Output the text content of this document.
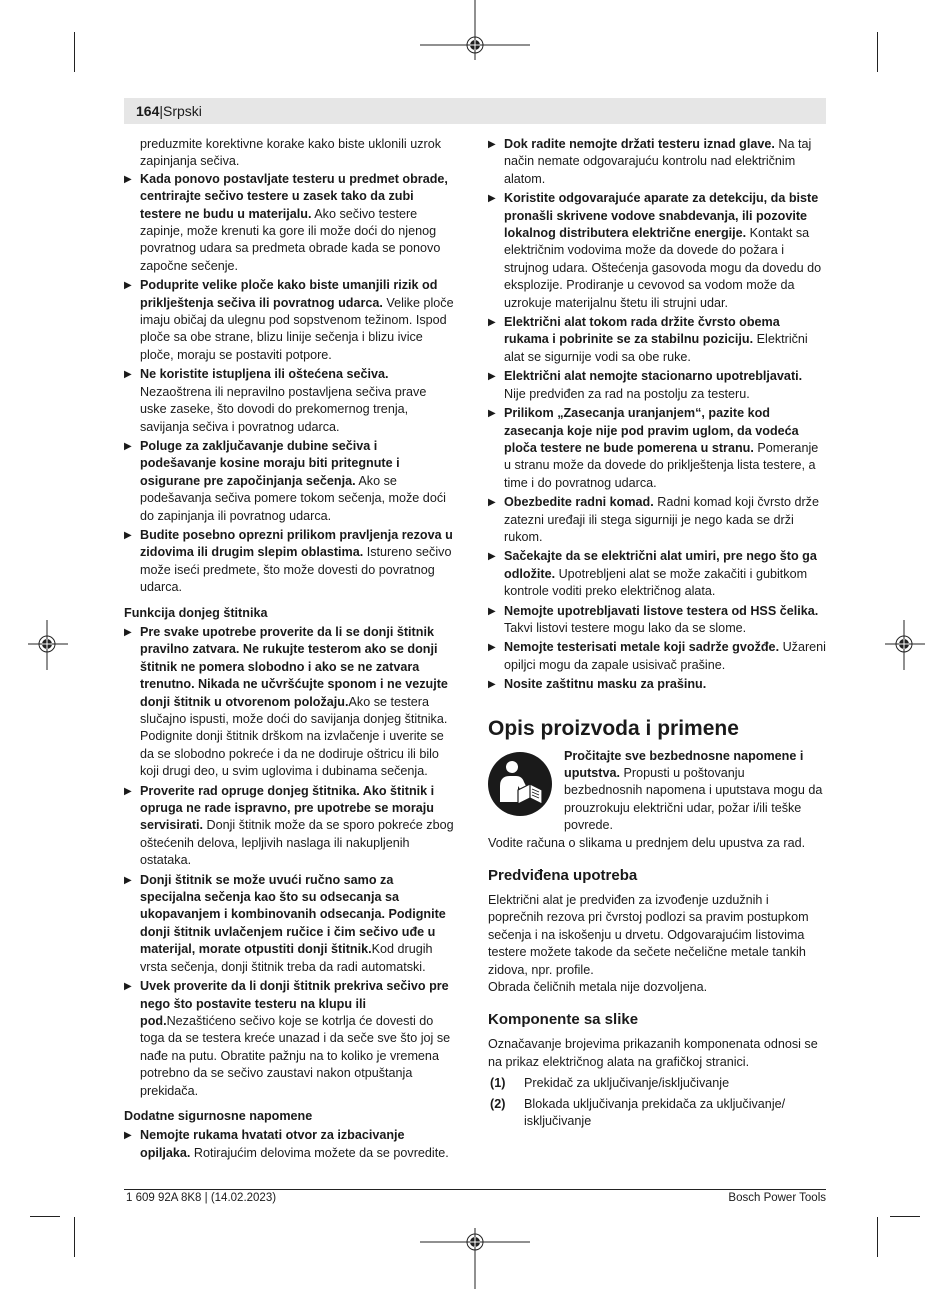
164|Srpski

preduzmite korektivne korake kako biste uklonili uzrok zapinjanja sečiva.

▶ Kada ponovo postavljate testeru u predmet obrade, centrirajte sečivo testere u zasek tako da zubi testere ne budu u materijalu. Ako sečivo testere zapinje, može krenuti ka gore ili može doći do njenog povratnog udara sa predmeta obrade kada se ponovo započne sečenje.
▶ Poduprite velike ploče kako biste umanjili rizik od priklještenja sečiva ili povratnog udarca. Velike ploče imaju običaj da ulegnu pod sopstvenom težinom. Ispod ploče sa obe strane, blizu linije sečenja i blizu ivice ploče, moraju se postaviti potpore.
▶ Ne koristite istupljena ili oštećena sečiva. Nezaoštrena ili nepravilno postavljena sečiva prave uske zaseke, što dovodi do prekomernog trenja, savijanja sečiva i povratnog udarca.
▶ Poluge za zaključavanje dubine sečiva i podešavanje kosine moraju biti pritegnute i osigurane pre započinjanja sečenja. Ako se podešavanja sečiva pomere tokom sečenja, može doći do zapinjanja ili povratnog udarca.
▶ Budite posebno oprezni prilikom pravljenja rezova u zidovima ili drugim slepim oblastima. Istureno sečivo može iseći predmete, što može dovesti do povratnog udarca.
Funkcija donjeg štitnika
▶ Pre svake upotrebe proverite da li se donji štitnik pravilno zatvara. Ne rukujte testerom ako se donji štitnik ne pomera slobodno i ako se ne zatvara trenutno. Nikada ne učvršćujte sponom i ne vezujte donji štitnik u otvorenom položaju.Ako se testera slučajno ispusti, može doći do savijanja donjeg štitnika. Podignite donji štitnik drškom na izvlačenje i uverite se da se slobodno pokreće i da ne dodiruje oštricu ili bilo koji drugi deo, u svim uglovima i dubinama sečenja.
▶ Proverite rad opruge donjeg štitnika. Ako štitnik i opruga ne rade ispravno, pre upotrebe se moraju servisirati. Donji štitnik može da se sporo pokreće zbog oštećenih delova, lepljivih naslaga ili nakupljenih ostataka.
▶ Donji štitnik se može uvući ručno samo za specijalna sečenja kao što su odsecanja sa ukopavanjem i kombinovanih odsecanja. Podignite donji štitnik uvlačenjem ručice i čim sečivo uđe u materijal, morate otpustiti donji štitnik.Kod drugih vrsta sečenja, donji štitnik treba da radi automatski.
▶ Uvek proverite da li donji štitnik prekriva sečivo pre nego što postavite testeru na klupu ili pod.Nezaštićeno sečivo koje se kotrlja će dovesti do toga da se testera kreće unazad i da seče sve što joj se nađe na putu. Obratite pažnju na to koliko je vremena potrebno da se sečivo zaustavi nakon otpuštanja prekidača.
Dodatne sigurnosne napomene
▶ Nemojte rukama hvatati otvor za izbacivanje opiljaka. Rotirajućim delovima možete da se povredite.
▶ Dok radite nemojte držati testeru iznad glave. Na taj način nemate odgovarajuću kontrolu nad električnim alatom.
▶ Koristite odgovarajuće aparate za detekciju, da biste pronašli skrivene vodove snabdevanja, ili pozovite lokalnog distributera električne energije. Kontakt sa električnim vodovima može da dovede do požara i strujnog udara. Oštećenja gasovoda mogu da dovedu do eksplozije. Prodiranje u cevovod sa vodom može da uzrokuje materijalnu štetu ili strujni udar.
▶ Električni alat tokom rada držite čvrsto obema rukama i pobrinite se za stabilnu poziciju. Električni alat se sigurnije vodi sa obe ruke.
▶ Električni alat nemojte stacionarno upotrebljavati. Nije predviđen za rad na postolju za testeru.
▶ Prilikom „Zasecanja uranjanjem“, pazite kod zasecanja koje nije pod pravim uglom, da vodeća ploča testere ne bude pomerena u stranu. Pomeranje u stranu može da dovede do priklještenja lista testere, a time i do povratnog udarca.
▶ Obezbedite radni komad. Radni komad koji čvrsto drže zatezni uređaji ili stega sigurniji je nego kada se drži rukom.
▶ Sačekajte da se električni alat umiri, pre nego što ga odložite. Upotrebljeni alat se može zakačiti i gubitkom kontrole voditi preko električnog alata.
▶ Nemojte upotrebljavati listove testera od HSS čelika. Takvi listovi testere mogu lako da se slome.
▶ Nemojte testerisati metale koji sadrže gvožđe. Užareni opiljci mogu da zapale usisivač prašine.
▶ Nosite zaštitnu masku za prašinu.
Opis proizvoda i primene

Pročitajte sve bezbednosne napomene i uputstva. Propusti u poštovanju bezbednosnih napomena i uputstava mogu da prouzrokuju električni udar, požar i/ili teške povrede.

Vodite računa o slikama u prednjem delu upustva za rad.

Predviđena upotreba

Električni alat je predviđen za izvođenje uzdužnih i poprečnih rezova pri čvrstoj podlozi sa pravim postupkom sečenja i na iskošenju u drvetu. Odgovarajućim listovima testere možete takode da sečete nečelične metale tankih zidova, npr. profile.

Obrada čeličnih metala nije dozvoljena.

Komponente sa slike

Označavanje brojevima prikazanih komponenata odnosi se na prikaz električnog alata na grafičkoj stranici.

(1) Prekidač za uključivanje/isključivanje
(2) Blokada uključivanja prekidača za uključivanje/ isključivanje
1 609 92A 8K8 | (14.02.2023)	Bosch Power Tools
